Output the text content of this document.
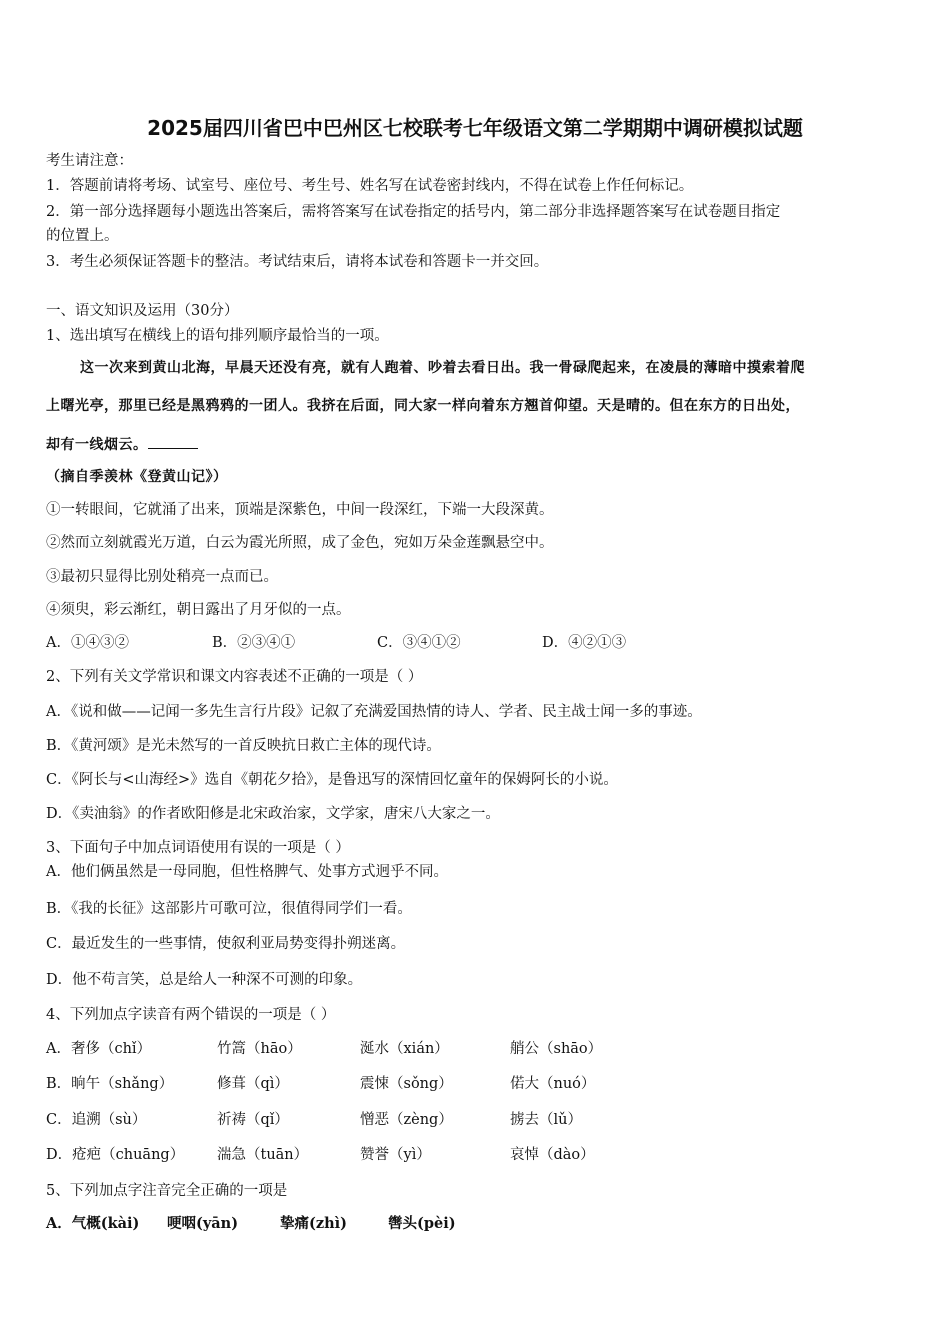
2025届四川省巴中巴州区七校联考七年级语文第二学期期中调研模拟试题
考生请注意：
1．答题前请将考场、试室号、座位号、考生号、姓名写在试卷密封线内，不得在试卷上作任何标记。
2．第一部分选择题每小题选出答案后，需将答案写在试卷指定的括号内，第二部分非选择题答案写在试卷题目指定
的位置上。
3．考生必须保证答题卡的整洁。考试结束后，请将本试卷和答题卡一并交回。
一、语文知识及运用（30分）
1、选出填写在横线上的语句排列顺序最恰当的一项。
这一次来到黄山北海，早晨天还没有亮，就有人跑着、吵着去看日出。我一骨碌爬起来，在凌晨的薄暗中摸索着爬
上曙光亭，那里已经是黑鸦鸦的一团人。我挤在后面，同大家一样向着东方翘首仰望。天是晴的。但在东方的日出处，
却有一线烟云。
（摘自季羡林《登黄山记》）
①一转眼间，它就涌了出来，顶端是深紫色，中间一段深红，下端一大段深黄。
②然而立刻就霞光万道，白云为霞光所照，成了金色，宛如万朵金莲飘悬空中。
③最初只显得比别处稍亮一点而已。
④须臾，彩云渐红，朝日露出了月牙似的一点。
A．①④③②	B．②③④①	C．③④①②	D．④②①③
2、下列有关文学常识和课文内容表述不正确的一项是（ ）
A．《说和做——记闻一多先生言行片段》记叙了充满爱国热情的诗人、学者、民主战士闻一多的事迹。
B．《黄河颂》是光未然写的一首反映抗日救亡主体的现代诗。
C．《阿长与<山海经>》选自《朝花夕拾》，是鲁迅写的深情回忆童年的保姆阿长的小说。
D．《卖油翁》的作者欧阳修是北宋政治家，文学家，唐宋八大家之一。
3、下面句子中加点词语使用有误的一项是（ ）
A．他们俩虽然是一母同胞，但性格脾气、处事方式迥乎不同。
B．《我的长征》这部影片可歌可泣，很值得同学们一看。
C．最近发生的一些事情，使叙利亚局势变得扑朔迷离。
D．他不苟言笑，总是给人一种深不可测的印象。
4、下列加点字读音有两个错误的一项是（ ）
A．奢侈（chǐ）	竹篙（hāo）	涎水（xián）	艄公（shāo）
B．晌午（shǎng）	修葺（qì）	震悚（sǒng）	偌大（nuó）
C．追溯（sù）	祈祷（qǐ）	憎恶（zèng）	掳去（lǔ）
D．疮疤（chuāng） 湍急（tuān）	赞誉（yì）	哀悼（dào）
5、下列加点字注音完全正确的一项是
A．气概(kài) 哽咽(yān)	挚痛(zhì)	辔头(pèi)
